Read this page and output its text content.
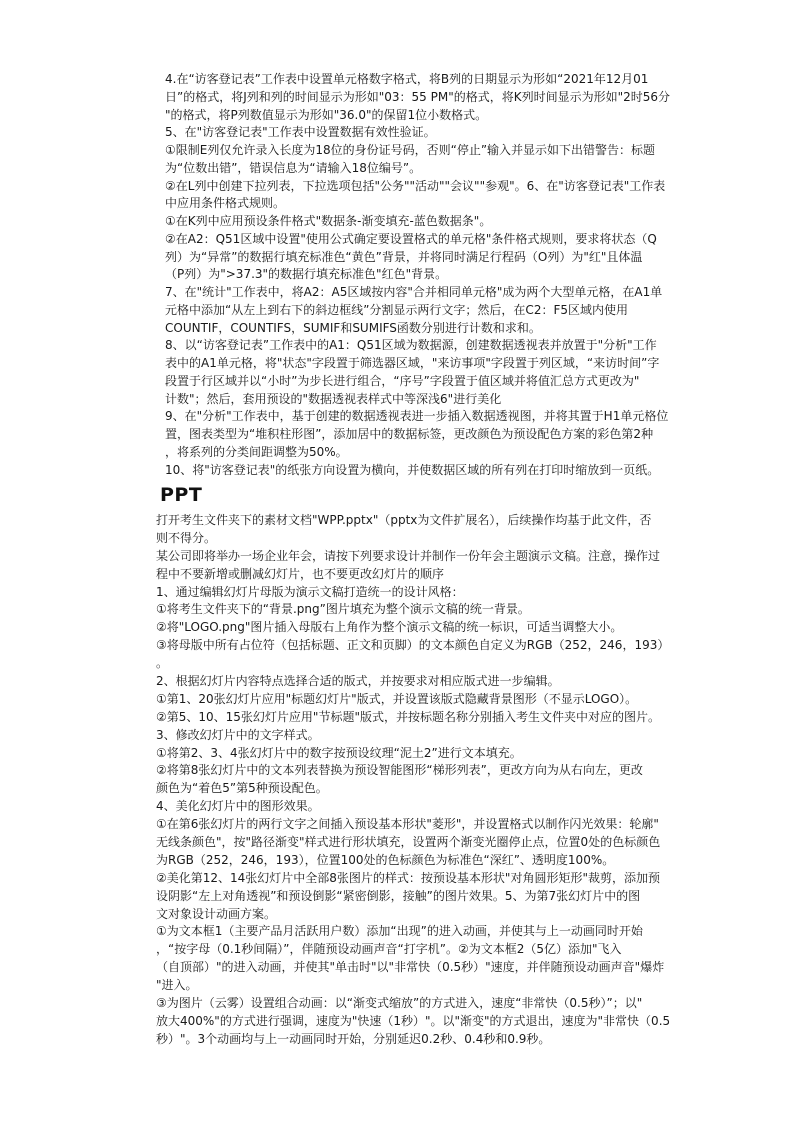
4.在“访客登记表”工作表中设置单元格数字格式，将B列的日期显示为形如“2021年12月01
日”的格式，将J列和列的时间显示为形如"03：55 PM"的格式，将K列时间显示为形如"2时56分
"的格式，将P列数值显示为形如"36.0"的保留1位小数格式。
5、在"访客登记表"工作表中设置数据有效性验证。
①限制E列仅允许录入长度为18位的身份证号码，否则“停止”输入并显示如下出错警告：标题
为“位数出错”，错误信息为“请输入18位编号”。
②在L列中创建下拉列表，下拉选项包括"公务""活动""会议""参观"。6、在"访客登记表"工作表
中应用条件格式规则。
①在K列中应用预设条件格式"数据条-渐变填充-蓝色数据条"。
②在A2：Q51区域中设置"使用公式确定要设置格式的单元格"条件格式规则，要求将状态（Q
列）为“异常”的数据行填充标准色“黄色”背景，并将同时满足行程码（O列）为"红"且体温
（P列）为">37.3"的数据行填充标准色"红色"背景。
7、在"统计"工作表中，将A2：A5区域按内容"合并相同单元格"成为两个大型单元格，在A1单
元格中添加“从左上到右下的斜边框线”分割显示两行文字；然后，在C2：F5区域内使用
COUNTIF，COUNTIFS，SUMIF和SUMIFS函数分别进行计数和求和。
8、以“访客登记表”工作表中的A1：Q51区域为数据源，创建数据透视表并放置于"分析"工作
表中的A1单元格，将"状态"字段置于筛选器区域，"来访事项"字段置于列区域，“来访时间”字
段置于行区域并以“小时”为步长进行组合，“序号”字段置于值区域并将值汇总方式更改为"
计数"；然后，套用预设的"数据透视表样式中等深浅6"进行美化
9、在"分析"工作表中，基于创建的数据透视表进一步插入数据透视图，并将其置于H1单元格位
置，图表类型为“堆积柱形图”，添加居中的数据标签，更改颜色为预设配色方案的彩色第2种
，将系列的分类间距调整为50%。
10、将"访客登记表"的纸张方向设置为横向，并使数据区域的所有列在打印时缩放到一页纸。
PPT
打开考生文件夹下的素材文档"WPP.pptx"（pptx为文件扩展名），后续操作均基于此文件，否
则不得分。
某公司即将举办一场企业年会，请按下列要求设计并制作一份年会主题演示文稿。注意，操作过
程中不要新增或删减幻灯片，也不要更改幻灯片的顺序
1、通过编辑幻灯片母版为演示文稿打造统一的设计风格：
①将考生文件夹下的“背景.png”图片填充为整个演示文稿的统一背景。
②将"LOGO.png"图片插入母版右上角作为整个演示文稿的统一标识，可适当调整大小。
③将母版中所有占位符（包括标题、正文和页脚）的文本颜色自定义为RGB（252，246，193）
。
2、根据幻灯片内容特点选择合适的版式，并按要求对相应版式进一步编辑。
①第1、20张幻灯片应用"标题幻灯片"版式，并设置该版式隐藏背景图形（不显示LOGO）。
②第5、10、15张幻灯片应用"节标题"版式，并按标题名称分别插入考生文件夹中对应的图片。
3、修改幻灯片中的文字样式。
①将第2、3、4张幻灯片中的数字按预设纹理“泥土2”进行文本填充。
②将第8张幻灯片中的文本列表替换为预设智能图形“梯形列表”，更改方向为从右向左，更改
颜色为“着色5”第5种预设配色。
4、美化幻灯片中的图形效果。
①在第6张幻灯片的两行文字之间插入预设基本形状"菱形"，并设置格式以制作闪光效果：轮廓"
无线条颜色"，按"路径渐变"样式进行形状填充，设置两个渐变光圈停止点，位置0处的色标颜色
为RGB（252，246，193），位置100处的色标颜色为标准色“深红”、透明度100%。
②美化第12、14张幻灯片中全部8张图片的样式：按预设基本形状"对角圆形矩形"裁剪，添加预
设阴影“左上对角透视”和预设倒影“紧密倒影，接触”的图片效果。5、为第7张幻灯片中的图
文对象设计动画方案。
①为文本框1（主要产品月活跃用户数）添加“出现”的进入动画，并使其与上一动画同时开始
，“按字母（0.1秒间隔）”，伴随预设动画声音“打字机”。②为文本框2（5亿）添加"飞入
（自顶部）"的进入动画，并使其"单击时"以"非常快（0.5秒）"速度，并伴随预设动画声音"爆炸
"进入。
③为图片（云雾）设置组合动画：以“渐变式缩放”的方式进入，速度“非常快（0.5秒）”；以"
放大400%"的方式进行强调，速度为"快速（1秒）"。以"渐变"的方式退出，速度为"非常快（0.5
秒）"。3个动画均与上一动画同时开始，分别延迟0.2秒、0.4秒和0.9秒。
